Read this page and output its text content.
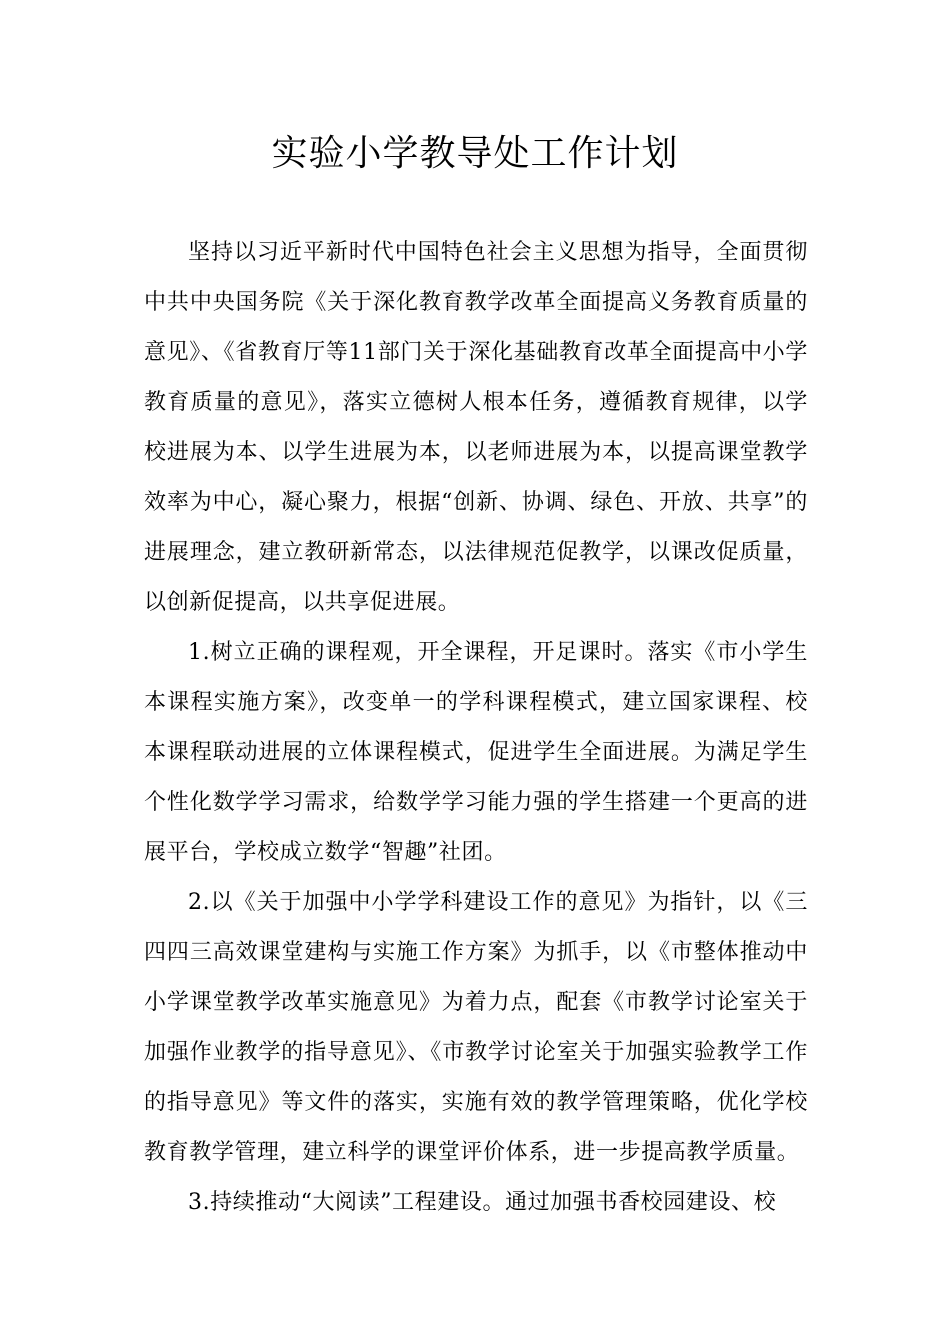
实验小学教导处工作计划

坚持以习近平新时代中国特色社会主义思想为指导，全面贯彻中共中央国务院《关于深化教育教学改革全面提高义务教育质量的意见》、《省教育厅等11部门关于深化基础教育改革全面提高中小学教育质量的意见》，落实立德树人根本任务，遵循教育规律，以学校进展为本、以学生进展为本，以老师进展为本，以提高课堂教学效率为中心，凝心聚力，根据“创新、协调、绿色、开放、共享”的进展理念，建立教研新常态，以法律规范促教学，以课改促质量，以创新促提高，以共享促进展。

1.树立正确的课程观，开全课程，开足课时。落实《市小学生本课程实施方案》，改变单一的学科课程模式，建立国家课程、校本课程联动进展的立体课程模式，促进学生全面进展。为满足学生个性化数学学习需求，给数学学习能力强的学生搭建一个更高的进展平台，学校成立数学“智趣”社团。

2.以《关于加强中小学学科建设工作的意见》为指针，以《三四四三高效课堂建构与实施工作方案》为抓手，以《市整体推动中小学课堂教学改革实施意见》为着力点，配套《市教学讨论室关于加强作业教学的指导意见》、《市教学讨论室关于加强实验教学工作的指导意见》等文件的落实，实施有效的教学管理策略，优化学校教育教学管理，建立科学的课堂评价体系，进一步提高教学质量。

3.持续推动“大阅读”工程建设。通过加强书香校园建设、校
